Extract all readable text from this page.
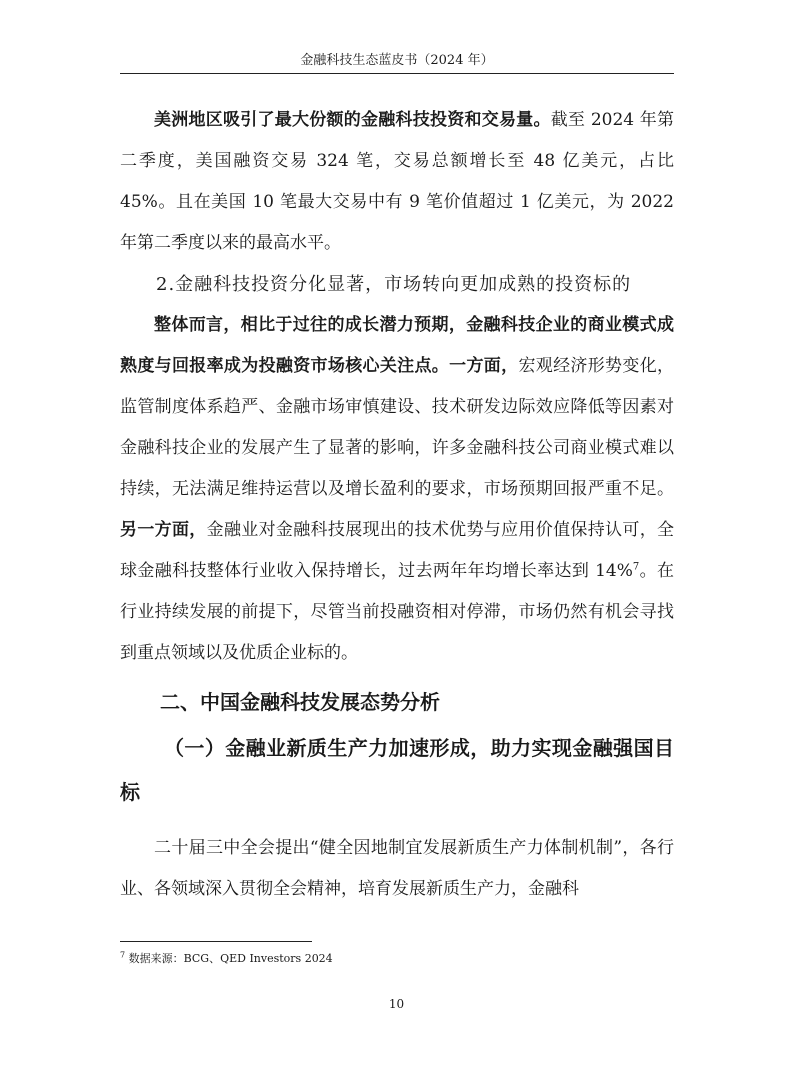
金融科技生态蓝皮书（2024 年）

美洲地区吸引了最大份额的金融科技投资和交易量。截至 2024 年第二季度，美国融资交易 324 笔，交易总额增长至 48 亿美元，占比 45%。且在美国 10 笔最大交易中有 9 笔价值超过 1 亿美元，为 2022 年第二季度以来的最高水平。

2.金融科技投资分化显著，市场转向更加成熟的投资标的

整体而言，相比于过往的成长潜力预期，金融科技企业的商业模式成熟度与回报率成为投融资市场核心关注点。一方面，宏观经济形势变化，监管制度体系趋严、金融市场审慎建设、技术研发边际效应降低等因素对金融科技企业的发展产生了显著的影响，许多金融科技公司商业模式难以持续，无法满足维持运营以及增长盈利的要求，市场预期回报严重不足。另一方面，金融业对金融科技展现出的技术优势与应用价值保持认可，全球金融科技整体行业收入保持增长，过去两年年均增长率达到 14%$^7$。在行业持续发展的前提下，尽管当前投融资相对停滞，市场仍然有机会寻找到重点领域以及优质企业标的。

二、中国金融科技发展态势分析
（一）金融业新质生产力加速形成，助力实现金融强国目标

二十届三中全会提出“健全因地制宜发展新质生产力体制机制”，各行业、各领域深入贯彻全会精神，培育发展新质生产力，金融科

$^7$ 数据来源：BCG、QED Investors 2024
10
